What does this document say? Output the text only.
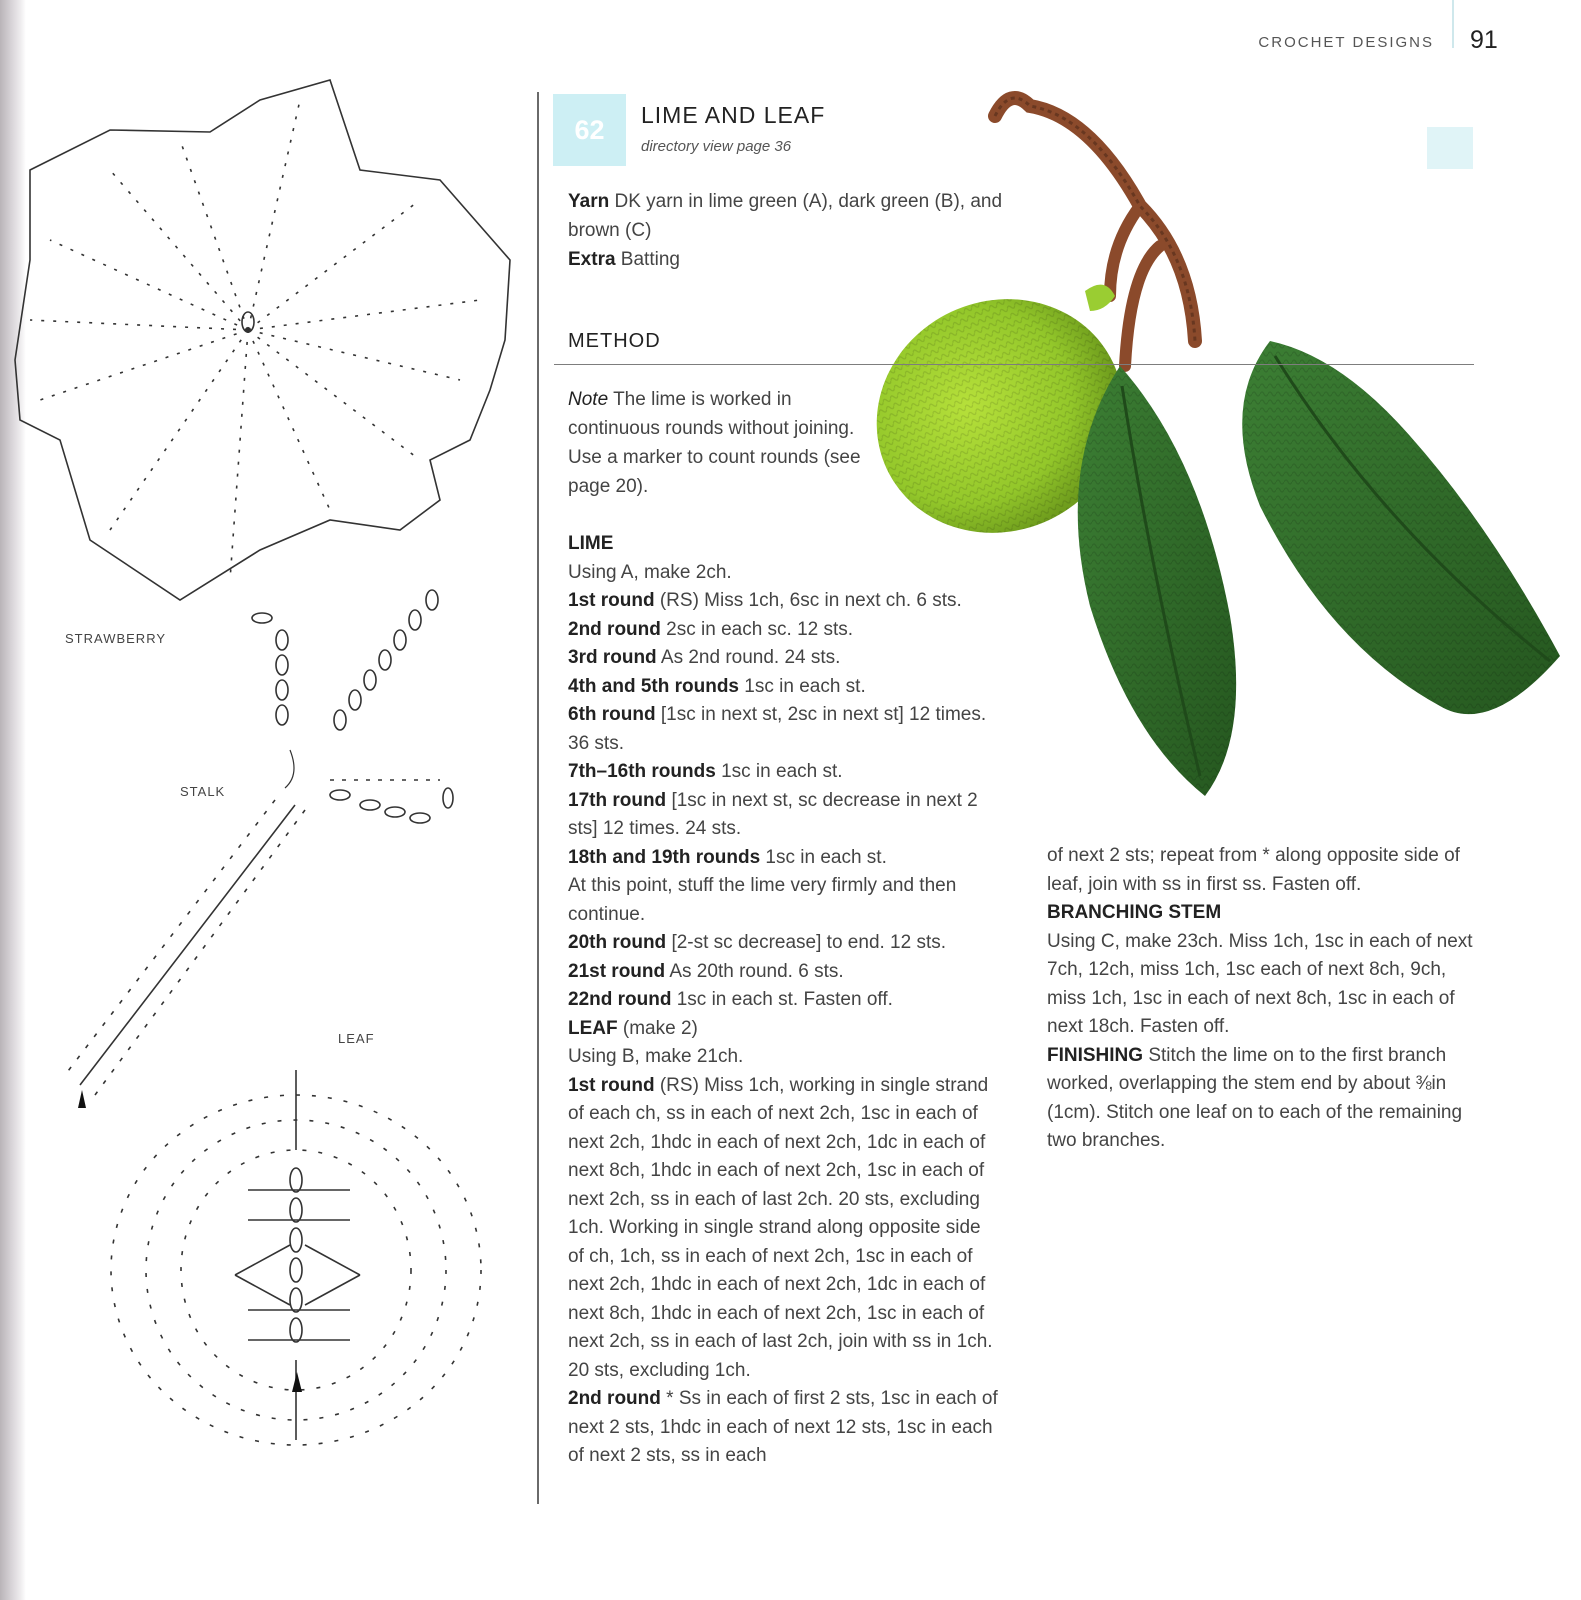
CROCHET DESIGNS 91
STRAWBERRY
STALK
LEAF
62	LIME AND LEAF
directory view page 36
Yarn DK yarn in lime green (A), dark green (B), and brown (C)
Extra Batting
METHOD
Note The lime is worked in continuous rounds without joining. Use a marker to count rounds (see page 20).

LIME

Using A, make 2ch.

1st round (RS) Miss 1ch, 6sc in next ch. 6 sts.

2nd round 2sc in each sc. 12 sts.

3rd round As 2nd round. 24 sts.

4th and 5th rounds 1sc in each st.

6th round [1sc in next st, 2sc in next st] 12 times. 36 sts.

7th–16th rounds 1sc in each st.

17th round [1sc in next st, sc decrease in next 2 sts] 12 times. 24 sts.

18th and 19th rounds 1sc in each st.

At this point, stuff the lime very firmly and then continue.

20th round [2-st sc decrease] to end. 12 sts.

21st round As 20th round. 6 sts.

22nd round 1sc in each st. Fasten off.

LEAF (make 2)

Using B, make 21ch.

1st round (RS) Miss 1ch, working in single strand of each ch, ss in each of next 2ch, 1sc in each of next 2ch, 1hdc in each of next 2ch, 1dc in each of next 8ch, 1hdc in each of next 2ch, 1sc in each of next 2ch, ss in each of last 2ch. 20 sts, excluding 1ch. Working in single strand along opposite side of ch, 1ch, ss in each of next 2ch, 1sc in each of next 2ch, 1hdc in each of next 2ch, 1dc in each of next 8ch, 1hdc in each of next 2ch, 1sc in each of next 2ch, ss in each of last 2ch, join with ss in 1ch. 20 sts, excluding 1ch.

2nd round * Ss in each of first 2 sts, 1sc in each of next 2 sts, 1hdc in each of next 12 sts, 1sc in each of next 2 sts, ss in each

of next 2 sts; repeat from * along opposite side of leaf, join with ss in first ss. Fasten off.

BRANCHING STEM

Using C, make 23ch. Miss 1ch, 1sc in each of next 7ch, 12ch, miss 1ch, 1sc each of next 8ch, 9ch, miss 1ch, 1sc in each of next 8ch, 1sc in each of next 18ch. Fasten off.

FINISHING Stitch the lime on to the first branch worked, overlapping the stem end by about ⅜in (1cm). Stitch one leaf on to each of the remaining two branches.
